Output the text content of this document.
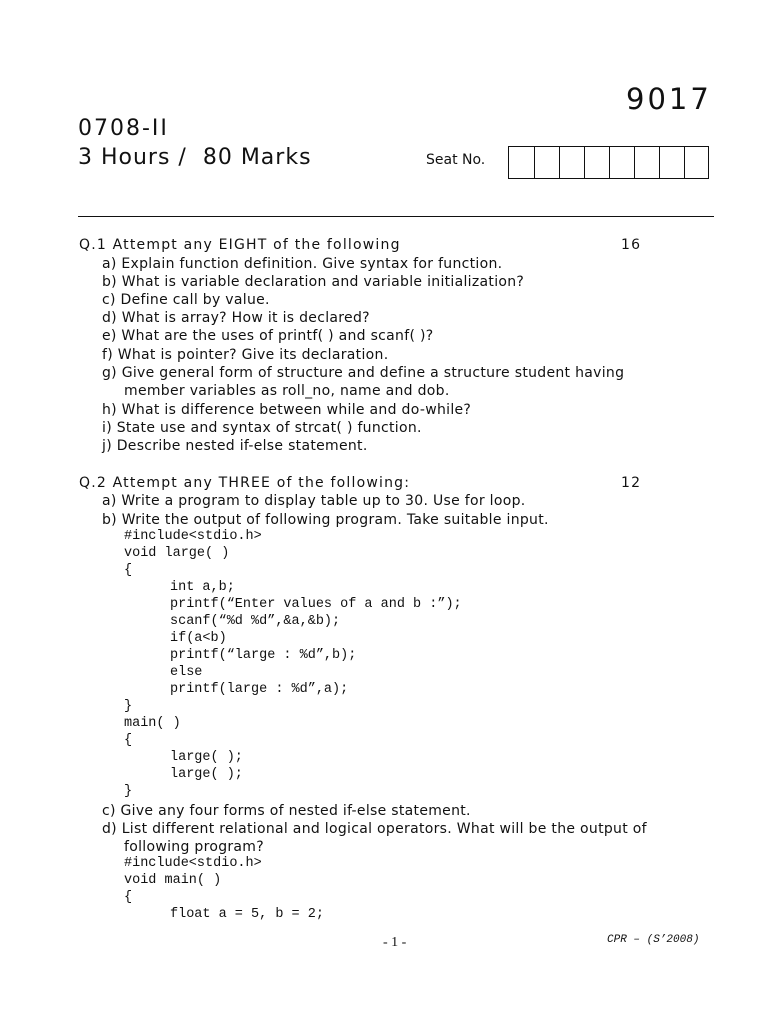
9017
0708-II
3 Hours /  80 Marks	Seat No.
Q.1 Attempt any EIGHT of the following	16
a) Explain function definition. Give syntax for function.
b) What is variable declaration and variable initialization?
c) Define call by value.
d) What is array? How it is declared?
e) What are the uses of printf( ) and scanf( )?
f) What is pointer? Give its declaration.
g) Give general form of structure and define a structure student having
member variables as roll_no, name and dob.
h) What is difference between while and do-while?
i) State use and syntax of strcat( ) function.
j) Describe nested if-else statement.
Q.2 Attempt any THREE of the following:	12
a) Write a program to display table up to 30. Use for loop.
b) Write the output of following program. Take suitable input.
#include<stdio.h>
void large( )
{
int a,b;
printf(“Enter values of a and b :”);
scanf(“%d %d”,&a,&b);
if(a<b)
printf(“large : %d”,b);
else
printf(large : %d”,a);
}
main( )
{
large( );
large( );
}
c) Give any four forms of nested if-else statement.
d) List different relational and logical operators. What will be the output of
following program?
#include<stdio.h>
void main( )
{
float a = 5, b = 2;
- 1 -	CPR – (S’2008)
